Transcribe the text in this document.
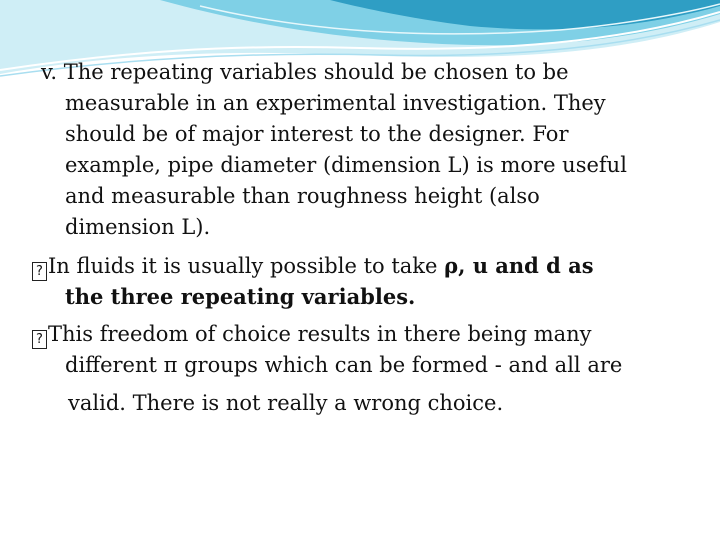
v. The repeating variables should be chosen to be
measurable in an experimental investigation. They
should be of major interest to the designer. For
example, pipe diameter (dimension L) is more useful
and measurable than roughness height (also
dimension L).
? In fluids it is usually possible to take ρ, u and d as
the three repeating variables.
? This freedom of choice results in there being many
different π groups which can be formed - and all are
valid. There is not really a wrong choice.
